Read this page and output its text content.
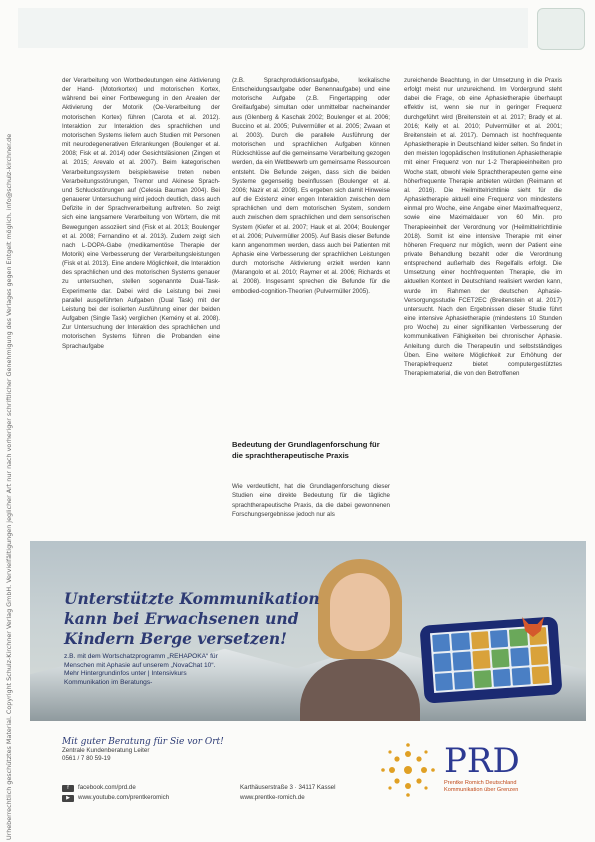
Urheberrechtlich geschütztes Material. Copyright Schulz-Kirchner Verlag GmbH. Vervielfältigungen jeglicher Art nur nach vorheriger schriftlicher Genehmigung des Verlages gegen Entgelt möglich. info@schulz-kirchner.de

der Verarbeitung von Wortbedeutungen eine Aktivierung der Hand- (Motorkortex) und motorischen Kortex, während bei einer Fortbewegung in den Arealen der Aktivierung der Motorik (Oe-Verarbeitung der motorischen Kortex) führen (Carota et al. 2012). Interaktion zur Interaktion des sprachlichen und motorischen Systems liefern auch Studien mit Personen mit neurodegenerativen Erkrankungen (Boulenger et al. 2008; Fisk et al. 2014) oder Gesichtsläsionen (Zingen et al. 2015; Arevalo et al. 2007). Beim kategorischen Verarbeitungssystem beispielsweise treten neben Verarbeitungsstörungen, Tremor und Akinese Sprach- und Schluckstörungen auf (Celesia Bauman 2004). Bei genauerer Untersuchung wird jedoch deutlich, dass auch Defizite in der Sprachverarbeitung auftreten. So zeigt sich eine langsamere Verarbeitung von Wörtern, die mit Bewegungen assoziiert sind (Fisk et al. 2013; Boulenger et al. 2008; Fernandino et al. 2013). Zudem zeigt sich nach L-DOPA-Gabe (medikamentöse Therapie der Motorik) eine Verbesserung der Verarbeitungsleistungen (Fisk et al. 2013). Eine andere Möglichkeit, die Interaktion des sprachlichen und des motorischen Systems genauer zu untersuchen, stellen sogenannte Dual-Task-Experimente dar. Dabei wird die Leistung bei zwei parallel ausgeführten Aufgaben (Dual Task) mit der Leistung bei der isolierten Ausführung einer der beiden Aufgaben (Single Task) verglichen (Kemény et al. 2008). Zur Untersuchung der Interaktion des sprachlichen und motorischen Systems führen die Probanden eine Sprachaufgabe

(z.B. Sprachproduktionsaufgabe, lexikalische Entscheidungsaufgabe oder Benennaufgabe) und eine motorische Aufgabe (z.B. Fingertapping oder Greifaufgabe) simultan oder unmittelbar nacheinander aus (Glenberg & Kaschak 2002; Boulenger et al. 2006; Buccino et al. 2005; Pulvermüller et al. 2005; Zwaan et al. 2003). Durch die parallele Ausführung der motorischen und sprachlichen Aufgaben können Rückschlüsse auf die gemeinsame Verarbeitung gezogen werden, da ein Wettbewerb um gemeinsame Ressourcen entsteht. Die Befunde zeigen, dass sich die beiden Systeme gegenseitig beeinflussen (Boulenger et al. 2006; Nazir et al. 2008). Es ergeben sich damit Hinweise auf die Existenz einer engen Interaktion zwischen dem sprachlichen und dem motorischen System, sondern auch zwischen dem sprachlichen und dem sensorischen System (Kiefer et al. 2007; Hauk et al. 2004; Boulenger et al. 2006; Pulvermüller 2005). Auf Basis dieser Befunde kann angenommen werden, dass auch bei Patienten mit Aphasie eine Verbesserung der sprachlichen Leistungen durch motorische Aktivierung erzielt werden kann (Marangolo et al. 2010; Raymer et al. 2006; Richards et al. 2008). Insgesamt sprechen die Befunde für die embodied-cognition-Theorien (Pulvermüller 2005).

Bedeutung der Grundlagenforschung für die sprachtherapeutische Praxis

Wie verdeutlicht, hat die Grundlagenforschung dieser Studien eine direkte Bedeutung für die tägliche sprachtherapeutische Praxis, da die dabei gewonnenen Forschungsergebnisse jedoch nur als

zureichende Beachtung, in der Umsetzung in die Praxis erfolgt meist nur unzureichend. Im Vordergrund steht dabei die Frage, ob eine Aphasietherapie überhaupt effektiv ist, wenn sie nur in geringer Frequenz durchgeführt wird (Breitenstein et al. 2017; Brady et al. 2016; Kelly et al. 2010; Pulvermüller et al. 2001; Breitenstein et al. 2017). Demnach ist hochfrequente Aphasietherapie in Deutschland leider selten. So findet in den meisten logopädischen Institutionen Aphasietherapie mit einer Frequenz von nur 1-2 Therapieeinheiten pro Woche statt, obwohl viele Sprachtherapeuten gerne eine höherfrequente Therapie anbieten würden (Reimann et al. 2016). Die Heilmittelrichtlinie sieht für die Aphasietherapie aktuell eine Frequenz von mindestens einmal pro Woche, eine Angabe einer Maximalfrequenz, sowie eine Maximaldauer von 60 Min. pro Therapieeinheit der Verordnung vor (Heilmittelrichtlinie 2018). Somit ist eine intensive Therapie mit einer höheren Frequenz nur möglich, wenn der Patient eine private Behandlung bezahlt oder die Verordnung entsprechend außerhalb des Regelfalls erfolgt. Die Umsetzung einer hochfrequenten Therapie, die im aktuellen Kontext in Deutschland realisiert werden kann, wurde im Rahmen der deutschen Aphasie-Versorgungsstudie FCET2EC (Breitenstein et al. 2017) untersucht. Nach den Ergebnissen dieser Studie führt eine intensive Aphasietherapie (mindestens 10 Stunden pro Woche) zu einer signifikanten Verbesserung der kommunikativen Fähigkeiten bei chronischer Aphasie. Anleitung durch die Therapeutin und selbstständiges Üben. Eine weitere Möglichkeit zur Erhöhung der Therapiefrequenz bietet computergestütztes Therapiematerial, die von den Betroffenen

Unterstützte Kommunikation
kann bei Erwachsenen und
Kindern Berge versetzen!
z.B. mit dem Wortschatzprogramm „REHAPOKA“ für
Menschen mit Aphasie auf unserem „NovaChat 10“.
Mehr Hintergrundinfos unter | Intensivkurs
Kommunikation im Beratungs-
Mit guter Beratung für Sie vor Ort!
Zentrale Kundenberatung Leiter
0561 / 7 80 59-19
f	facebook.com/prd.de
▶	www.youtube.com/prentkeromich
Karthäuserstraße 3 · 34117 Kassel
www.prentke-romich.de
PRD
Prentke Romich Deutschland
Kommunikation über Grenzen
